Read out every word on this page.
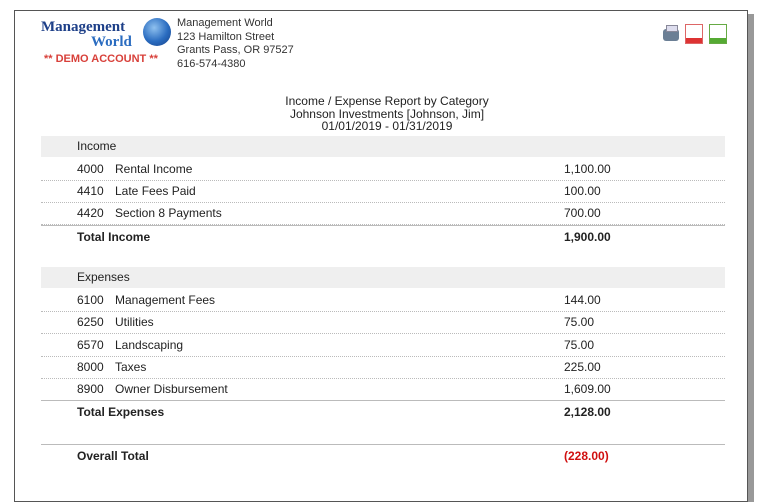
Management
World
** DEMO ACCOUNT **
Management World
123 Hamilton Street
Grants Pass, OR 97527
616-574-4380
Income / Expense Report by Category
Johnson Investments [Johnson, Jim]
01/01/2019 - 01/31/2019
Income
4000 Rental Income	1,100.00
4410 Late Fees Paid	100.00
4420 Section 8 Payments	700.00
Total Income	1,900.00
Expenses
6100 Management Fees	144.00
6250 Utilities	75.00
6570 Landscaping	75.00
8000 Taxes	225.00
8900 Owner Disbursement	1,609.00
Total Expenses	2,128.00
Overall Total	(228.00)
